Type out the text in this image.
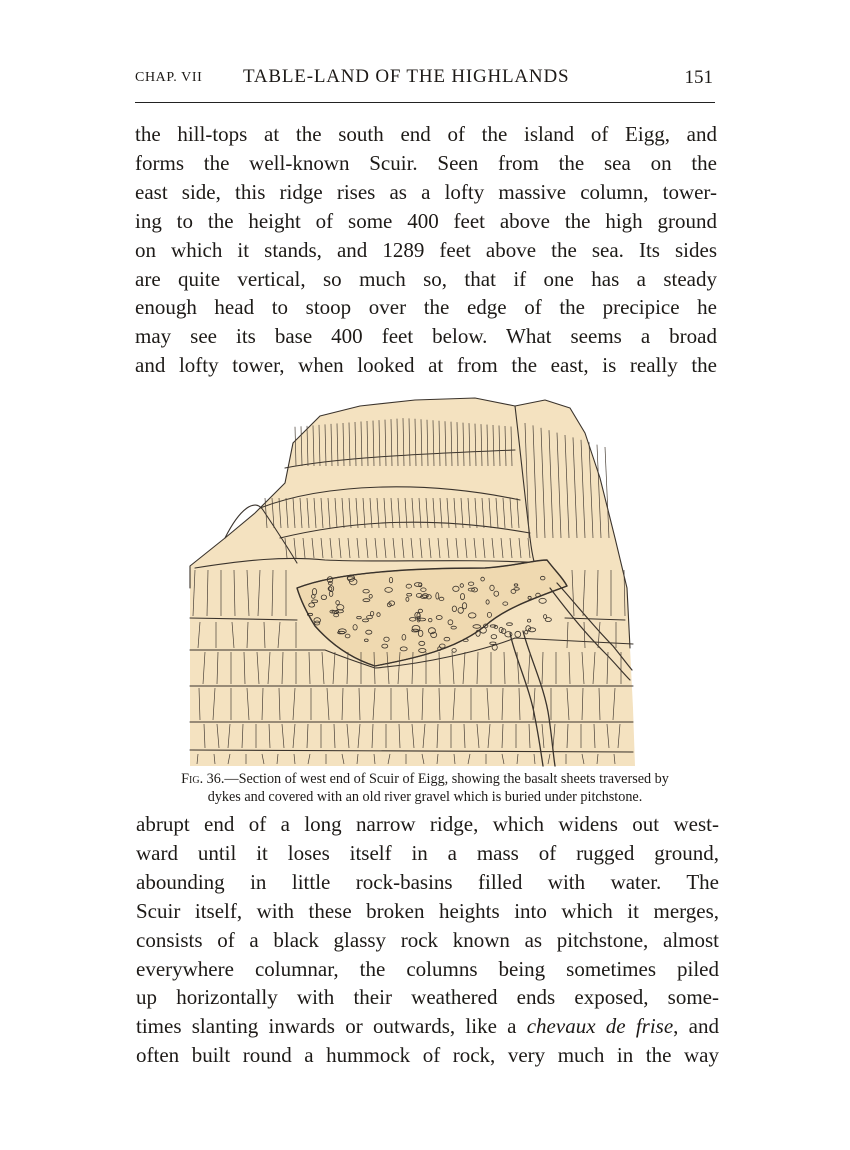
CHAP. VII TABLE-LAND OF THE HIGHLANDS	151
the hill-tops at the south end of the island of Eigg, and
forms the well-known Scuir. Seen from the sea on the
east side, this ridge rises as a lofty massive column, tower-
ing to the height of some 400 feet above the high ground
on which it stands, and 1289 feet above the sea. Its sides
are quite vertical, so much so, that if one has a steady
enough head to stoop over the edge of the precipice he
may see its base 400 feet below. What seems a broad
and lofty tower, when looked at from the east, is really the
Fig. 36.—Section of west end of Scuir of Eigg, showing the basalt sheets traversed by
dykes and covered with an old river gravel which is buried under pitchstone.
abrupt end of a long narrow ridge, which widens out west-
ward until it loses itself in a mass of rugged ground,
abounding in little rock-basins filled with water. The
Scuir itself, with these broken heights into which it merges,
consists of a black glassy rock known as pitchstone, almost
everywhere columnar, the columns being sometimes piled
up horizontally with their weathered ends exposed, some-
times slanting inwards or outwards, like a chevaux de frise, and
often built round a hummock of rock, very much in the way
